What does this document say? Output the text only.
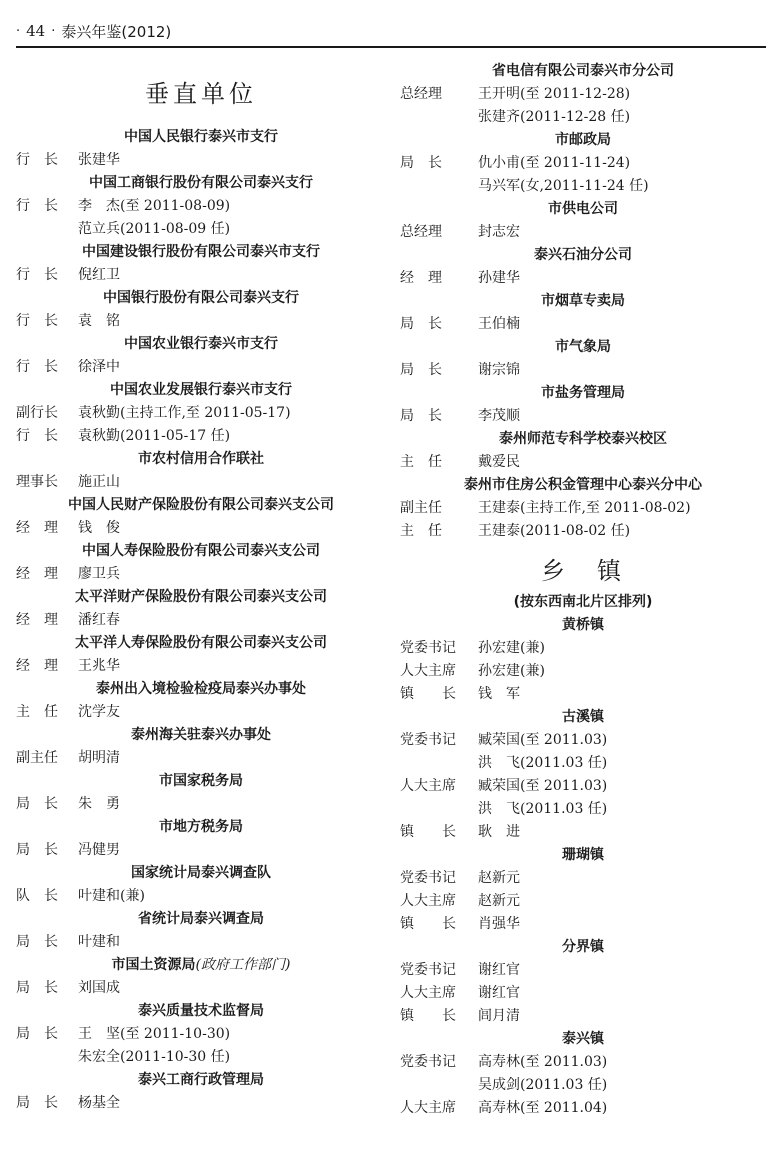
· 44 · 泰兴年鉴(2012)
垂直单位
中国人民银行泰兴市支行
行　长	张建华
中国工商银行股份有限公司泰兴支行
行　长	李　杰(至 2011-08-09)
范立兵(2011-08-09 任)
中国建设银行股份有限公司泰兴市支行
行　长	倪红卫
中国银行股份有限公司泰兴支行
行　长	袁　铭
中国农业银行泰兴市支行
行　长	徐泽中
中国农业发展银行泰兴市支行
副行长	袁秋勤(主持工作,至 2011-05-17)
行　长	袁秋勤(2011-05-17 任)
市农村信用合作联社
理事长	施正山
中国人民财产保险股份有限公司泰兴支公司
经　理	钱　俊
中国人寿保险股份有限公司泰兴支公司
经　理	廖卫兵
太平洋财产保险股份有限公司泰兴支公司
经　理	潘红春
太平洋人寿保险股份有限公司泰兴支公司
经　理	王兆华
泰州出入境检验检疫局泰兴办事处
主　任	沈学友
泰州海关驻泰兴办事处
副主任	胡明清
市国家税务局
局　长	朱　勇
市地方税务局
局　长	冯健男
国家统计局泰兴调查队
队　长	叶建和(兼)
省统计局泰兴调查局
局　长	叶建和
市国土资源局(政府工作部门)
局　长	刘国成
泰兴质量技术监督局
局　长	王　坚(至 2011-10-30)
朱宏全(2011-10-30 任)
泰兴工商行政管理局
局　长	杨基全
省电信有限公司泰兴市分公司
总经理	王开明(至 2011-12-28)
张建齐(2011-12-28 任)
市邮政局
局　长	仇小甫(至 2011-11-24)
马兴军(女,2011-11-24 任)
市供电公司
总经理	封志宏
泰兴石油分公司
经　理	孙建华
市烟草专卖局
局　长	王伯楠
市气象局
局　长	谢宗锦
市盐务管理局
局　长	李茂顺
泰州师范专科学校泰兴校区
主　任	戴爱民
泰州市住房公积金管理中心泰兴分中心
副主任	王建泰(主持工作,至 2011-08-02)
主　任	王建泰(2011-08-02 任)
乡　镇
(按东西南北片区排列)
黄桥镇
党委书记	孙宏建(兼)
人大主席	孙宏建(兼)
镇　　长	钱　军
古溪镇
党委书记	臧荣国(至 2011.03)
洪　飞(2011.03 任)
人大主席	臧荣国(至 2011.03)
洪　飞(2011.03 任)
镇　　长	耿　进
珊瑚镇
党委书记	赵新元
人大主席	赵新元
镇　　长	肖强华
分界镇
党委书记	谢红官
人大主席	谢红官
镇　　长	闾月清
泰兴镇
党委书记	高寿林(至 2011.03)
吴成剑(2011.03 任)
人大主席	高寿林(至 2011.04)
